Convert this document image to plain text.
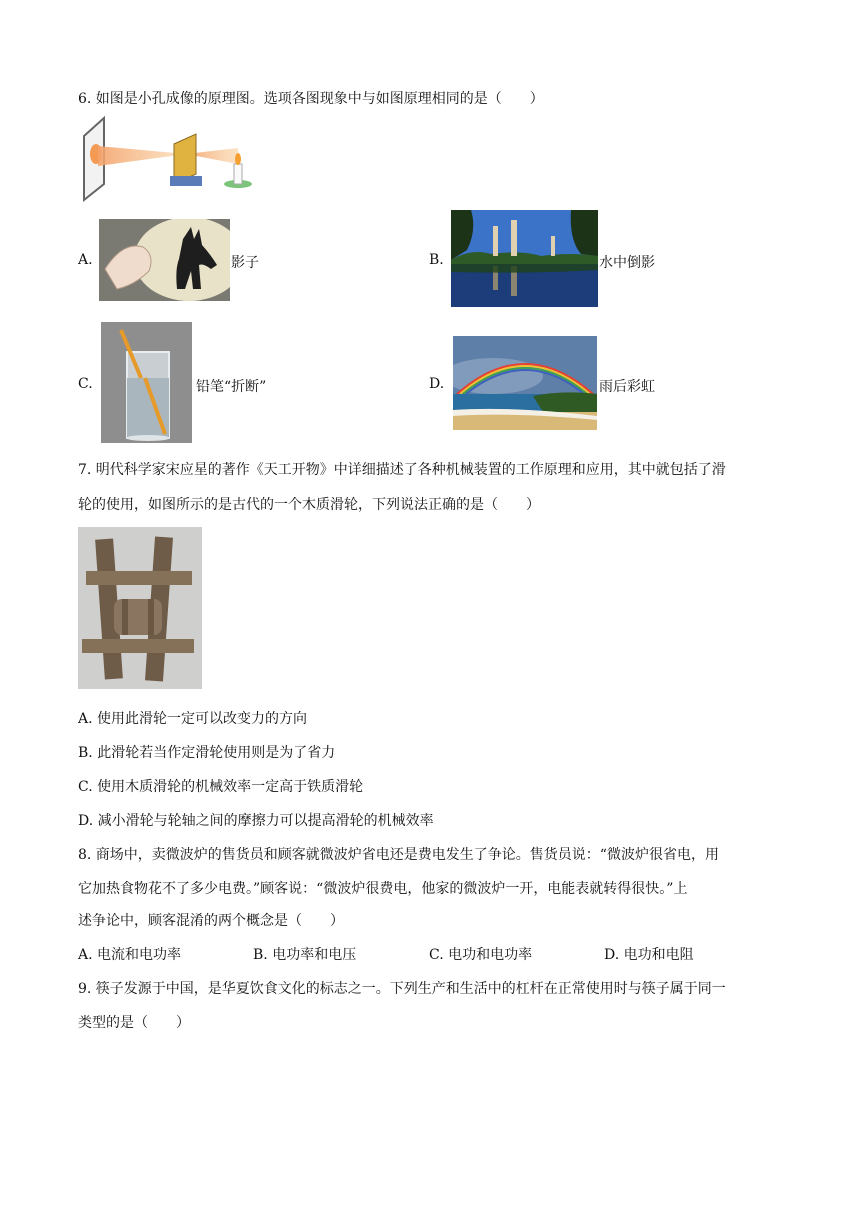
6. 如图是小孔成像的原理图。选项各图现象中与如图原理相同的是（　　）
A.	影子	B.	水中倒影
C.	铅笔“折断”	D.	雨后彩虹
7. 明代科学家宋应星的著作《天工开物》中详细描述了各种机械装置的工作原理和应用，其中就包括了滑
轮的使用，如图所示的是古代的一个木质滑轮，下列说法正确的是（　　）
A. 使用此滑轮一定可以改变力的方向
B. 此滑轮若当作定滑轮使用则是为了省力
C. 使用木质滑轮的机械效率一定高于铁质滑轮
D. 减小滑轮与轮轴之间的摩擦力可以提高滑轮的机械效率
8. 商场中，卖微波炉的售货员和顾客就微波炉省电还是费电发生了争论。售货员说：“微波炉很省电，用
它加热食物花不了多少电费。”顾客说：“微波炉很费电，他家的微波炉一开，电能表就转得很快。”上
述争论中，顾客混淆的两个概念是（　　）
A. 电流和电功率	B. 电功率和电压	C. 电功和电功率	D. 电功和电阻
9. 筷子发源于中国，是华夏饮食文化的标志之一。下列生产和生活中的杠杆在正常使用时与筷子属于同一
类型的是（　　）
